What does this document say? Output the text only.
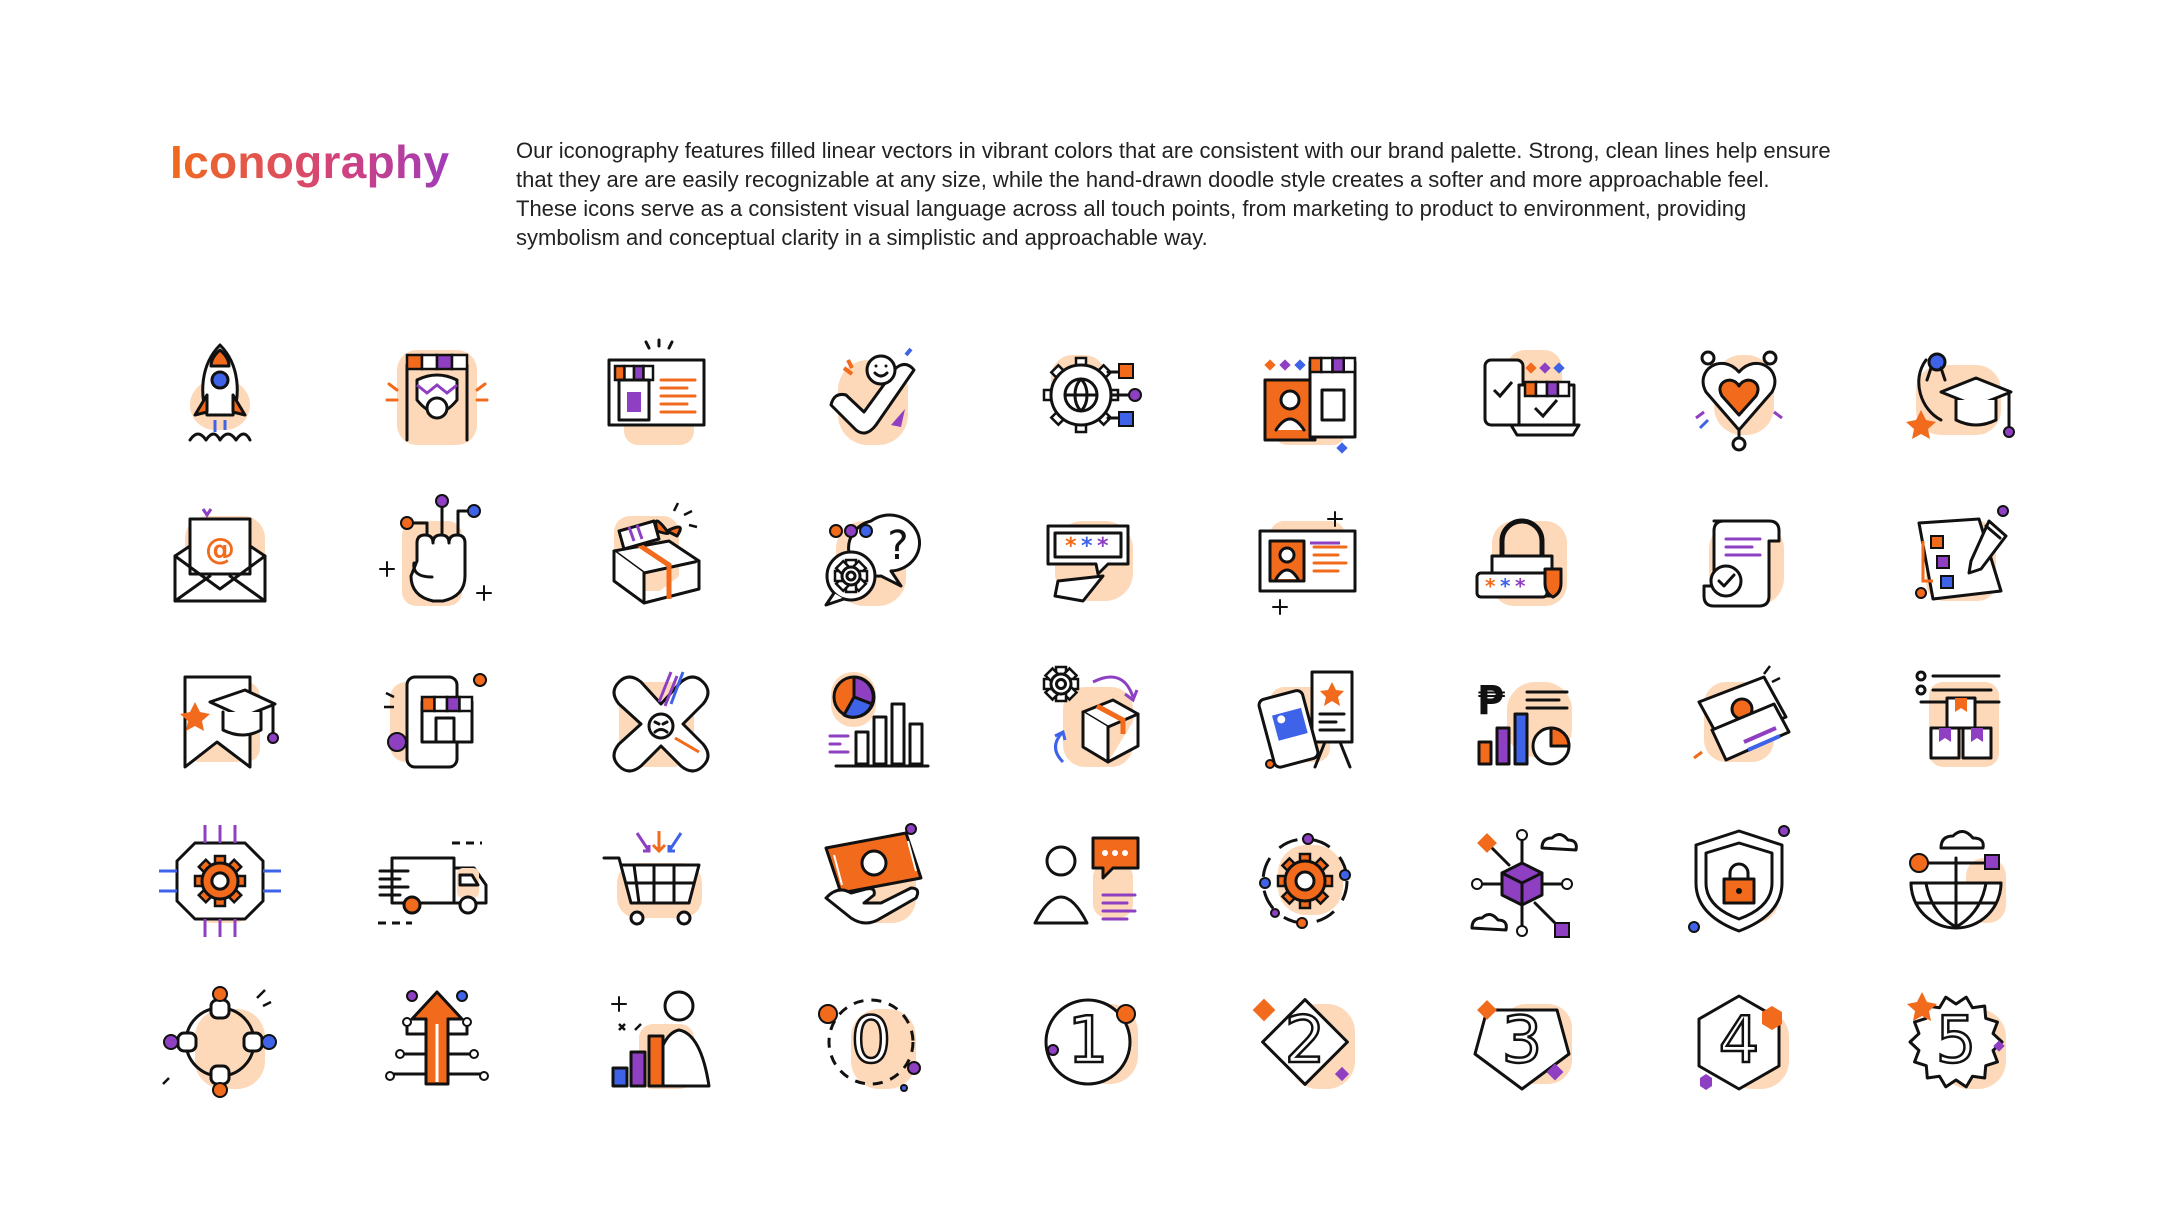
Iconography	Our iconography features filled linear vectors in vibrant colors that are consistent with our brand palette. Strong, clean lines help ensure
that they are are easily recognizable at any size, while the hand-drawn doodle style creates a softer and more approachable feel.
These icons serve as a consistent visual language across all touch points, from marketing to product to environment, providing
symbolism and conceptual clarity in a simplistic and approachable way.

@	?	* * *
* * *
₱
0	1	2	3	4	5
